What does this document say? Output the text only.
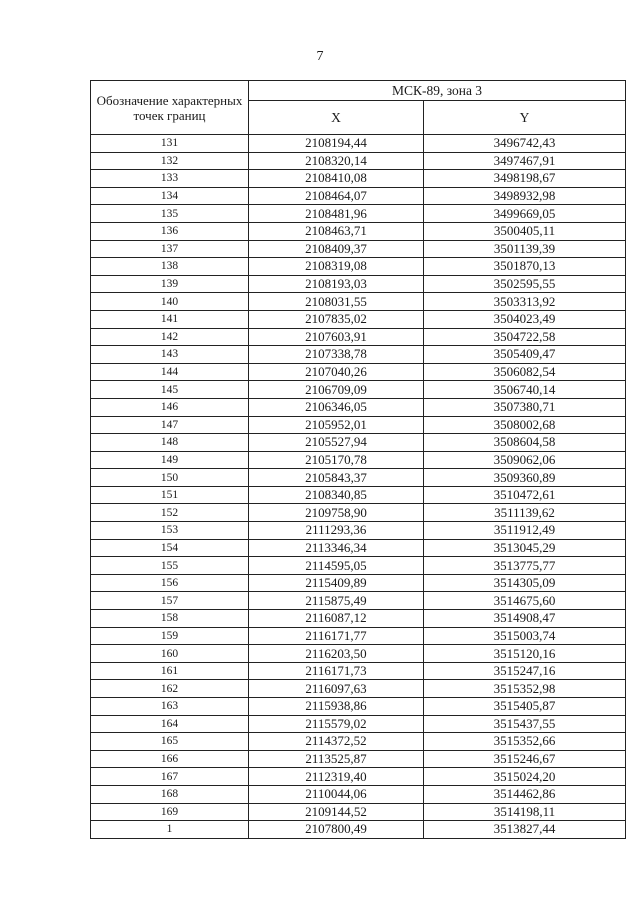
7
Обозначение характерных точек границ	МСК-89, зона 3	
	X	Y
131	2108194,44	3496742,43
132	2108320,14	3497467,91
133	2108410,08	3498198,67
134	2108464,07	3498932,98
135	2108481,96	3499669,05
136	2108463,71	3500405,11
137	2108409,37	3501139,39
138	2108319,08	3501870,13
139	2108193,03	3502595,55
140	2108031,55	3503313,92
141	2107835,02	3504023,49
142	2107603,91	3504722,58
143	2107338,78	3505409,47
144	2107040,26	3506082,54
145	2106709,09	3506740,14
146	2106346,05	3507380,71
147	2105952,01	3508002,68
148	2105527,94	3508604,58
149	2105170,78	3509062,06
150	2105843,37	3509360,89
151	2108340,85	3510472,61
152	2109758,90	3511139,62
153	2111293,36	3511912,49
154	2113346,34	3513045,29
155	2114595,05	3513775,77
156	2115409,89	3514305,09
157	2115875,49	3514675,60
158	2116087,12	3514908,47
159	2116171,77	3515003,74
160	2116203,50	3515120,16
161	2116171,73	3515247,16
162	2116097,63	3515352,98
163	2115938,86	3515405,87
164	2115579,02	3515437,55
165	2114372,52	3515352,66
166	2113525,87	3515246,67
167	2112319,40	3515024,20
168	2110044,06	3514462,86
169	2109144,52	3514198,11
1	2107800,49	3513827,44
